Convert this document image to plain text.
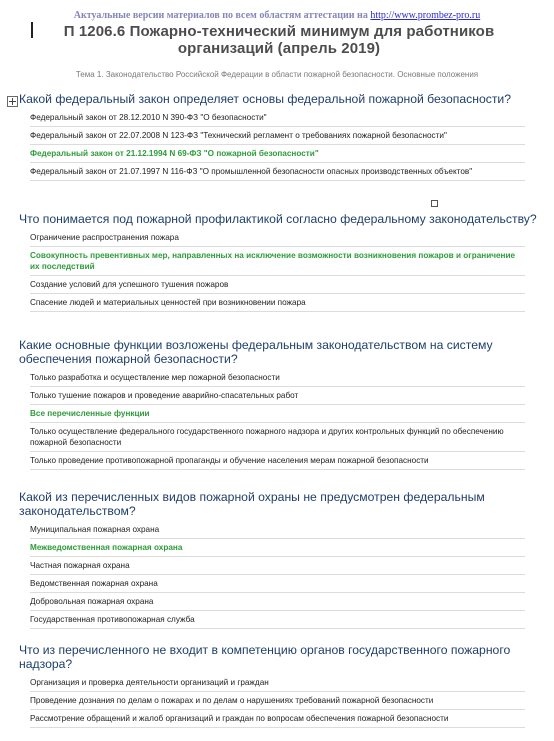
Актуальные версии материалов по всем областям аттестации на http://www.prombez-pro.ru
П 1206.6 Пожарно-технический минимум для работников организаций (апрель 2019)
Тема 1. Законодательство Российской Федерации в области пожарной безопасности. Основные положения
Какой федеральный закон определяет основы федеральной пожарной безопасности?
Федеральный закон от 28.12.2010 N 390-ФЗ "О безопасности"
Федеральный закон от 22.07.2008 N 123-ФЗ "Технический регламент о требованиях пожарной безопасности"
Федеральный закон от 21.12.1994 N 69-ФЗ "О пожарной безопасности"
Федеральный закон от 21.07.1997 N 116-ФЗ "О промышленной безопасности опасных производственных объектов"
Что понимается под пожарной профилактикой согласно федеральному законодательству?
Ограничение распространения пожара
Совокупность превентивных мер, направленных на исключение возможности возникновения пожаров и ограничение их последствий
Создание условий для успешного тушения пожаров
Спасение людей и материальных ценностей при возникновении пожара
Какие основные функции возложены федеральным законодательством на систему обеспечения пожарной безопасности?
Только разработка и осуществление мер пожарной безопасности
Только тушение пожаров и проведение аварийно-спасательных работ
Все перечисленные функции
Только осуществление федерального государственного пожарного надзора и других контрольных функций по обеспечению пожарной безопасности
Только проведение противопожарной пропаганды и обучение населения мерам пожарной безопасности
Какой из перечисленных видов пожарной охраны не предусмотрен федеральным законодательством?
Муниципальная пожарная охрана
Межведомственная пожарная охрана
Частная пожарная охрана
Ведомственная пожарная охрана
Добровольная пожарная охрана
Государственная противопожарная служба
Что из перечисленного не входит в компетенцию органов государственного пожарного надзора?
Организация и проверка деятельности организаций и граждан
Проведение дознания по делам о пожарах и по делам о нарушениях требований пожарной безопасности
Рассмотрение обращений и жалоб организаций и граждан по вопросам обеспечения пожарной безопасности
